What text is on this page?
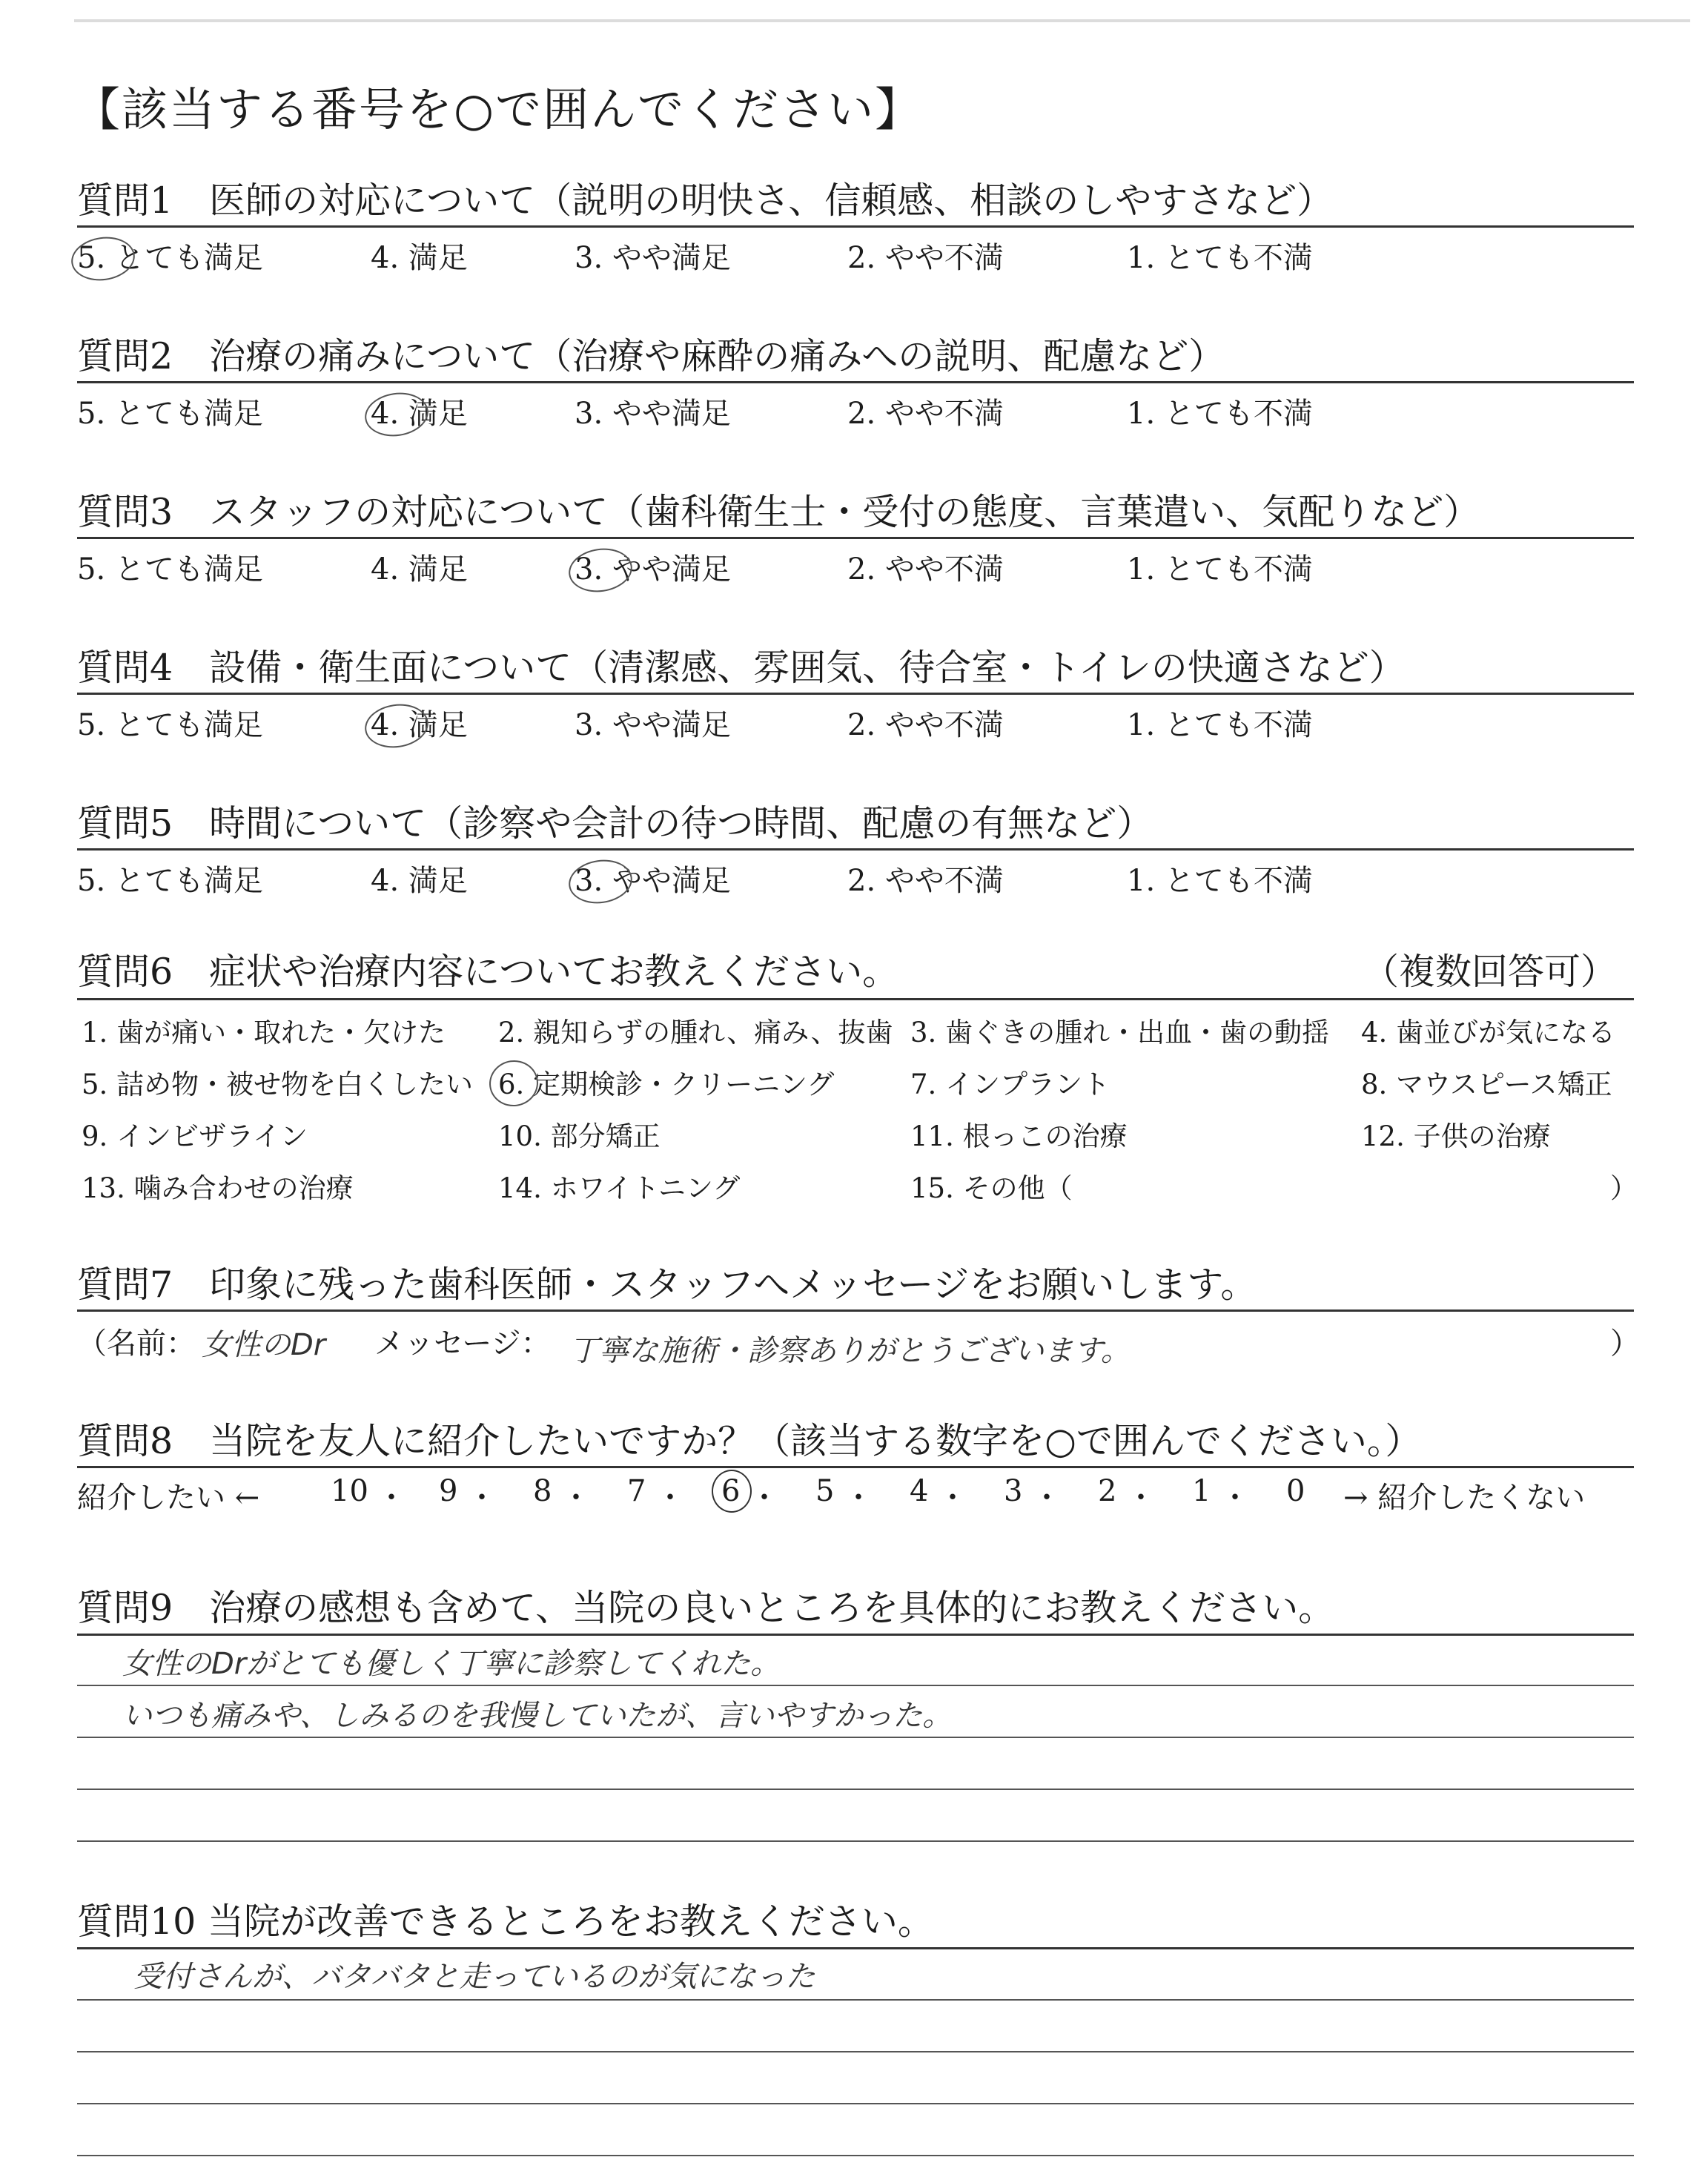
【該当する番号を○で囲んでください】
質問1　医師の対応について（説明の明快さ、信頼感、相談のしやすさなど）
5. とても満足	4. 満足	3. やや満足	2. やや不満	1. とても不満
質問2　治療の痛みについて（治療や麻酔の痛みへの説明、配慮など）
5. とても満足	4. 満足	3. やや満足	2. やや不満	1. とても不満
質問3　スタッフの対応について（歯科衛生士・受付の態度、言葉遣い、気配りなど）
5. とても満足	4. 満足	3. やや満足	2. やや不満	1. とても不満
質問4　設備・衛生面について（清潔感、雰囲気、待合室・トイレの快適さなど）
5. とても満足	4. 満足	3. やや満足	2. やや不満	1. とても不満
質問5　時間について（診察や会計の待つ時間、配慮の有無など）
5. とても満足	4. 満足	3. やや満足	2. やや不満	1. とても不満
質問6　症状や治療内容についてお教えください。	（複数回答可）
1. 歯が痛い・取れた・欠けた 2. 親知らずの腫れ、痛み、抜歯 3. 歯ぐきの腫れ・出血・歯の動揺 4. 歯並びが気になる
5. 詰め物・被せ物を白くしたい 6. 定期検診・クリーニング	7. インプラント	8. マウスピース矯正
9. インビザライン	10. 部分矯正	11. 根っこの治療	12. 子供の治療
13. 噛み合わせの治療	14. ホワイトニング	15. その他（	）
質問7　印象に残った歯科医師・スタッフへメッセージをお願いします。
（名前： 女性のDr メッセージ： 丁寧な施術・診察ありがとうございます。	）
質問8　当院を友人に紹介したいですか？（該当する数字を○で囲んでください。）
紹介したい ← 10 ・ 9 ・ 8 ・ 7 ・ 6 ・ 5 ・ 4 ・ 3 ・ 2 ・ 1 ・ 0 → 紹介したくない
質問9　治療の感想も含めて、当院の良いところを具体的にお教えください。
女性のDrがとても優しく丁寧に診察してくれた。
いつも痛みや、しみるのを我慢していたが、言いやすかった。
質問10 当院が改善できるところをお教えください。
受付さんが、バタバタと走っているのが気になった
